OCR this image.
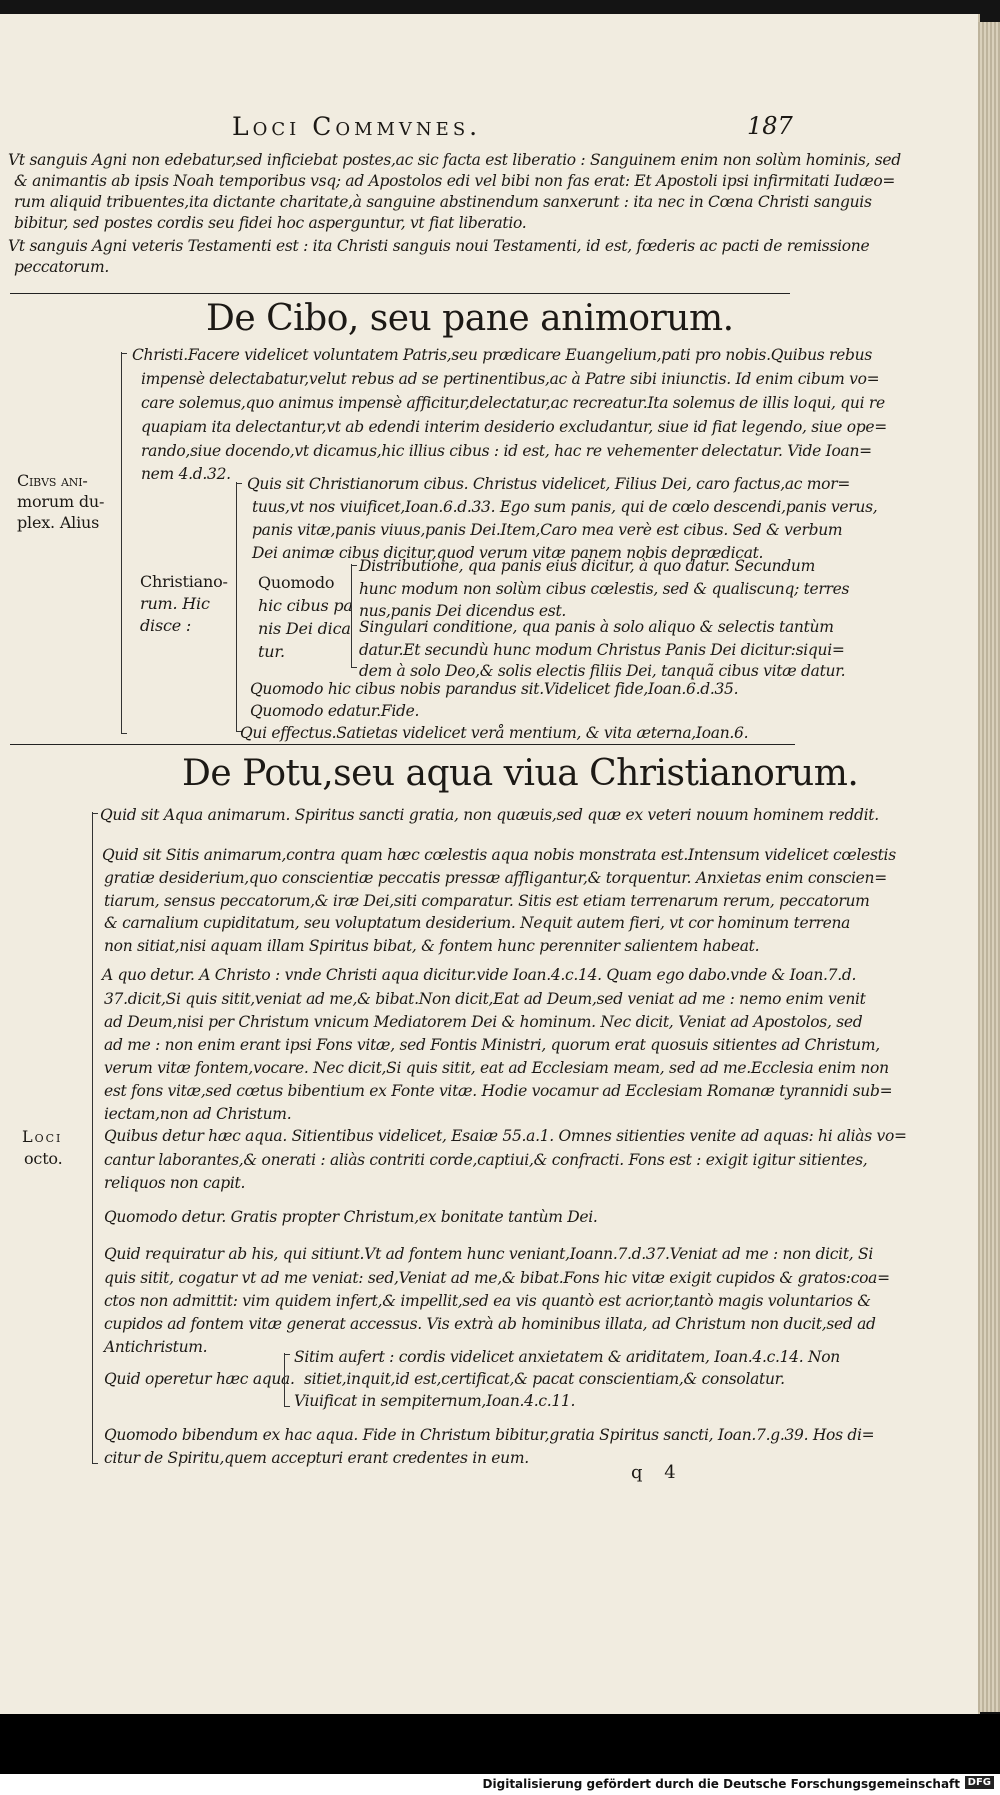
Loci Commvnes.	187
Vt sanguis Agni non edebatur,sed inficiebat postes,ac sic facta est liberatio : Sanguinem enim non solùm hominis, sed
& animantis ab ipsis Noah temporibus vsq; ad Apostolos edi vel bibi non fas erat: Et Apostoli ipsi infirmitati Iudæo=
rum aliquid tribuentes,ita dictante charitate,à sanguine abstinendum sanxerunt : ita nec in Cœna Christi sanguis
bibitur, sed postes cordis seu fidei hoc asperguntur, vt fiat liberatio.
Vt sanguis Agni veteris Testamenti est : ita Christi sanguis noui Testamenti, id est, fœderis ac pacti de remissione
peccatorum.
De Cibo, seu pane animorum.
Cibvs ani-
morum du-
plex. Alius
Christi.Facere videlicet voluntatem Patris,seu prædicare Euangelium,pati pro nobis.Quibus rebus
impensè delectabatur,velut rebus ad se pertinentibus,ac à Patre sibi iniunctis. Id enim cibum vo=
care solemus,quo animus impensè afficitur,delectatur,ac recreatur.Ita solemus de illis loqui, qui re
quapiam ita delectantur,vt ab edendi interim desiderio excludantur, siue id fiat legendo, siue ope=
rando,siue docendo,vt dicamus,hic illius cibus : id est, hac re vehementer delectatur. Vide Ioan=
nem 4.d.32.
Christiano-
rum. Hic
disce :
Quis sit Christianorum cibus. Christus videlicet, Filius Dei, caro factus,ac mor=
tuus,vt nos viuificet,Ioan.6.d.33. Ego sum panis, qui de cœlo descendi,panis verus,
panis vitæ,panis viuus,panis Dei.Item,Caro mea verè est cibus. Sed & verbum
Dei animæ cibus dicitur,quod verum vitæ panem nobis deprædicat.
Quomodo
hic cibus pa
nis Dei dica
tur.
Distributione, qua panis eius dicitur, à quo datur. Secundum
hunc modum non solùm cibus cœlestis, sed & qualiscunq; terres
nus,panis Dei dicendus est.
Singulari conditione, qua panis à solo aliquo & selectis tantùm
datur.Et secundù hunc modum Christus Panis Dei dicitur:siqui=
dem à solo Deo,& solis electis filiis Dei, tanquã cibus vitæ datur.
Quomodo hic cibus nobis parandus sit.Videlicet fide,Ioan.6.d.35.
Quomodo edatur.Fide.
Qui effectus.Satietas videlicet verå mentium, & vita æterna,Ioan.6.
De Potu,seu aqua viua Christianorum.
Loci
octo.
Quid sit Aqua animarum. Spiritus sancti gratia, non quæuis,sed quæ ex veteri nouum hominem reddit.
Quid sit Sitis animarum,contra quam hæc cœlestis aqua nobis monstrata est.Intensum videlicet cœlestis
gratiæ desiderium,quo conscientiæ peccatis pressæ affligantur,& torquentur. Anxietas enim conscien=
tiarum, sensus peccatorum,& iræ Dei,siti comparatur. Sitis est etiam terrenarum rerum, peccatorum
& carnalium cupiditatum, seu voluptatum desiderium. Nequit autem fieri, vt cor hominum terrena
non sitiat,nisi aquam illam Spiritus bibat, & fontem hunc perenniter salientem habeat.
A quo detur. A Christo : vnde Christi aqua dicitur.vide Ioan.4.c.14. Quam ego dabo.vnde & Ioan.7.d.
37.dicit,Si quis sitit,veniat ad me,& bibat.Non dicit,Eat ad Deum,sed veniat ad me : nemo enim venit
ad Deum,nisi per Christum vnicum Mediatorem Dei & hominum. Nec dicit, Veniat ad Apostolos, sed
ad me : non enim erant ipsi Fons vitæ, sed Fontis Ministri, quorum erat quosuis sitientes ad Christum,
verum vitæ fontem,vocare. Nec dicit,Si quis sitit, eat ad Ecclesiam meam, sed ad me.Ecclesia enim non
est fons vitæ,sed cœtus bibentium ex Fonte vitæ. Hodie vocamur ad Ecclesiam Romanæ tyrannidi sub=
iectam,non ad Christum.
Quibus detur hæc aqua. Sitientibus videlicet, Esaiæ 55.a.1. Omnes sitienties venite ad aquas: hi aliàs vo=
cantur laborantes,& onerati : aliàs contriti corde,captiui,& confracti. Fons est : exigit igitur sitientes,
reliquos non capit.
Quomodo detur. Gratis propter Christum,ex bonitate tantùm Dei.
Quid requiratur ab his, qui sitiunt.Vt ad fontem hunc veniant,Ioann.7.d.37.Veniat ad me : non dicit, Si
quis sitit, cogatur vt ad me veniat: sed,Veniat ad me,& bibat.Fons hic vitæ exigit cupidos & gratos:coa=
ctos non admittit: vim quidem infert,& impellit,sed ea vis quantò est acrior,tantò magis voluntarios &
cupidos ad fontem vitæ generat accessus. Vis extrà ab hominibus illata, ad Christum non ducit,sed ad
Antichristum.
Quid operetur hæc aqua.
Sitim aufert : cordis videlicet anxietatem & ariditatem, Ioan.4.c.14. Non
sitiet,inquit,id est,certificat,& pacat conscientiam,& consolatur.
Viuificat in sempiternum,Ioan.4.c.11.
Quomodo bibendum ex hac aqua. Fide in Christum bibitur,gratia Spiritus sancti, Ioan.7.g.39. Hos di=
citur de Spiritu,quem accepturi erant credentes in eum.
q 4
Digitalisierung gefördert durch die Deutsche Forschungsgemeinschaft DFG
